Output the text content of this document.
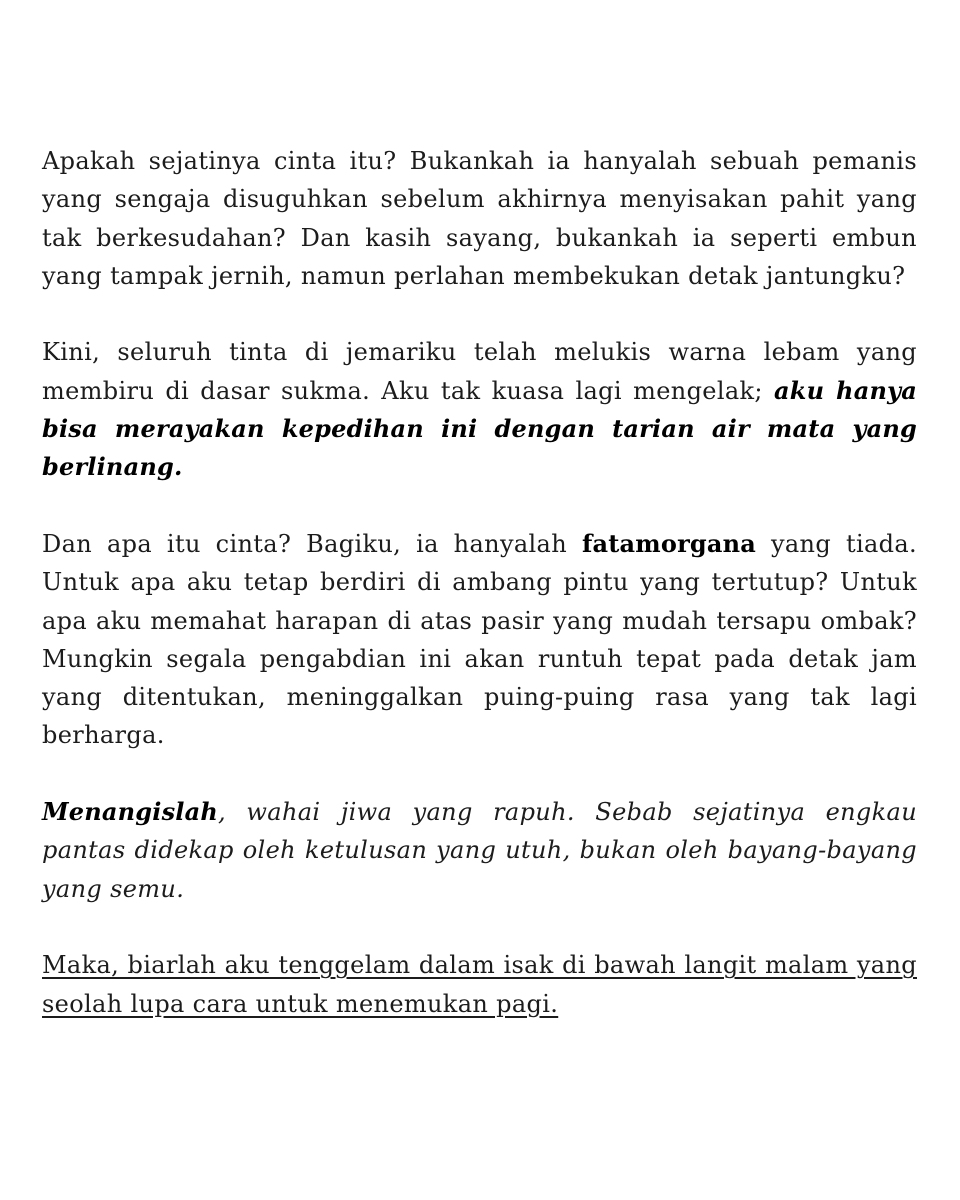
Apakah sejatinya cinta itu? Bukankah ia hanyalah sebuah pemanis yang sengaja disuguhkan sebelum akhirnya menyisakan pahit yang tak berkesudahan? Dan kasih sayang, bukankah ia seperti embun yang tampak jernih, namun perlahan membekukan detak jantungku?

Kini, seluruh tinta di jemariku telah melukis warna lebam yang membiru di dasar sukma. Aku tak kuasa lagi mengelak; aku hanya bisa merayakan kepedihan ini dengan tarian air mata yang berlinang.

Dan apa itu cinta? Bagiku, ia hanyalah fatamorgana yang tiada. Untuk apa aku tetap berdiri di ambang pintu yang tertutup? Untuk apa aku memahat harapan di atas pasir yang mudah tersapu ombak? Mungkin segala pengabdian ini akan runtuh tepat pada detak jam yang ditentukan, meninggalkan puing-puing rasa yang tak lagi berharga.

Menangislah, wahai jiwa yang rapuh. Sebab sejatinya engkau pantas didekap oleh ketulusan yang utuh, bukan oleh bayang-bayang yang semu.

Maka, biarlah aku tenggelam dalam isak di bawah langit malam yang seolah lupa cara untuk menemukan pagi.
